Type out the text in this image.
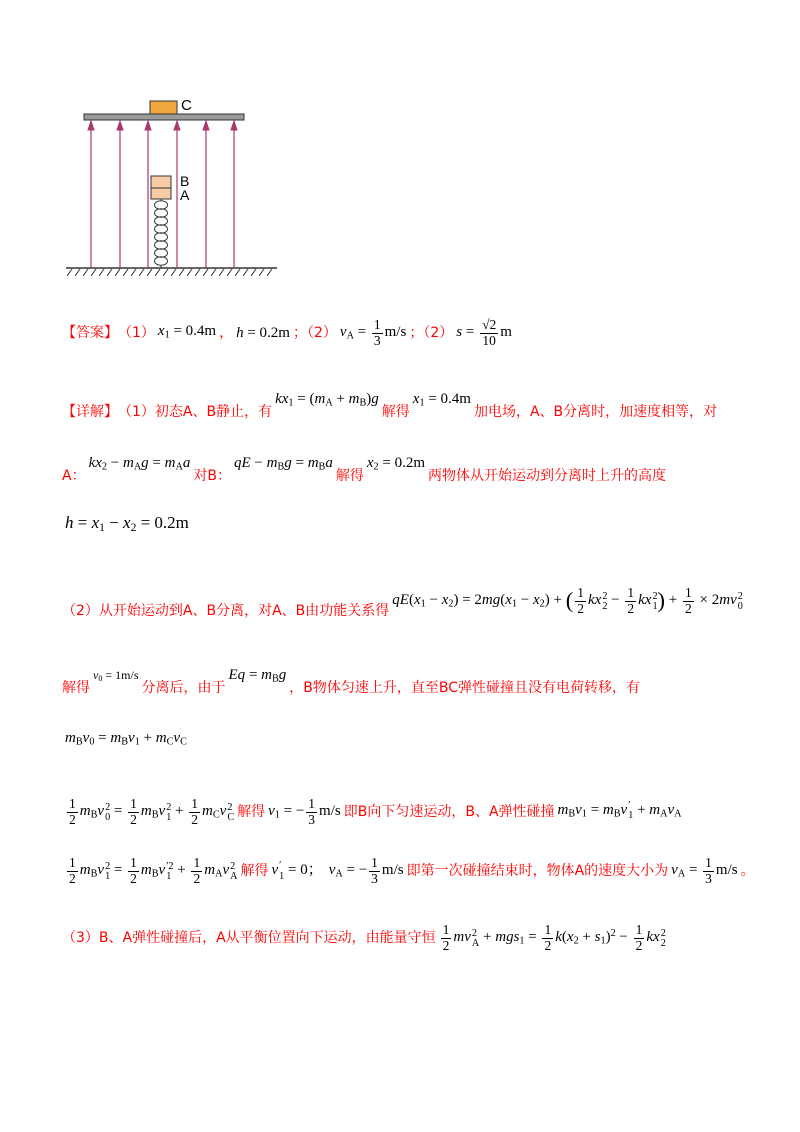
C
B
A
【答案】 （1） x1 = 0.4m ， h = 0.2m ；（2） vA = $\frac{1}{3} m/s$ ；（2） $s = \frac{√2}{10}$ m
【详解】 （1）初态A、B静止，有
kx1 = (mA + mB)g
解得
x1 = 0.4m
加电场，A、B分离时，加速度相等，对
A：
kx2 − mAg = mAa
对B：
qE − mBg = mBa
解得
x2 = 0.2m
两物体从开始运动到分离时上升的高度
h = x1 − x2 = 0.2m
（2）从开始运动到A、B分离，对A、B由功能关系得
qE(x1 − x2) = 2mg(x1 − x2) + ( $\frac{1}{2}$ kx 2
$2 - \frac{1}{2}$ kx 2
1 ) + $\frac{1}{2} \times 2mv$ 2
0
解得
v0 = 1m/s
分离后，由于
Eq = mBg
，B物体匀速上升，直至BC弹性碰撞且没有电荷转移，有
mBv0 = mBv1 + mCvC
$\frac{1}{2}$ mBv 2
$0 = \frac{1}{2}$ mBv 2
$1 + \frac{1}{2}$ mCv 2
C 解得 v1 = − $\frac{1}{3} m/s$ 即B向下匀速运动，B、A弹性碰撞 mBv1 = mBv ′
1 + mAvA
$\frac{1}{2}$ mBv 2
$1 = \frac{1}{2}$ mBv ′2
$1 + \frac{1}{2}$ mAv 2
A 解得 v ′
1 = 0； vA = − $\frac{1}{3} m/s$ 即第一次碰撞结束时，物体A的速度大小为 vA = $\frac{1}{3} m/s$ 。
（3）B、A弹性碰撞后，A从平衡位置向下运动，由能量守恒 $\frac{1}{2}$ mv 2
$A + mgs1 = \frac{1}{2} k(x2 + s1)^2 - \frac{1}{2}$ kx 2
2
